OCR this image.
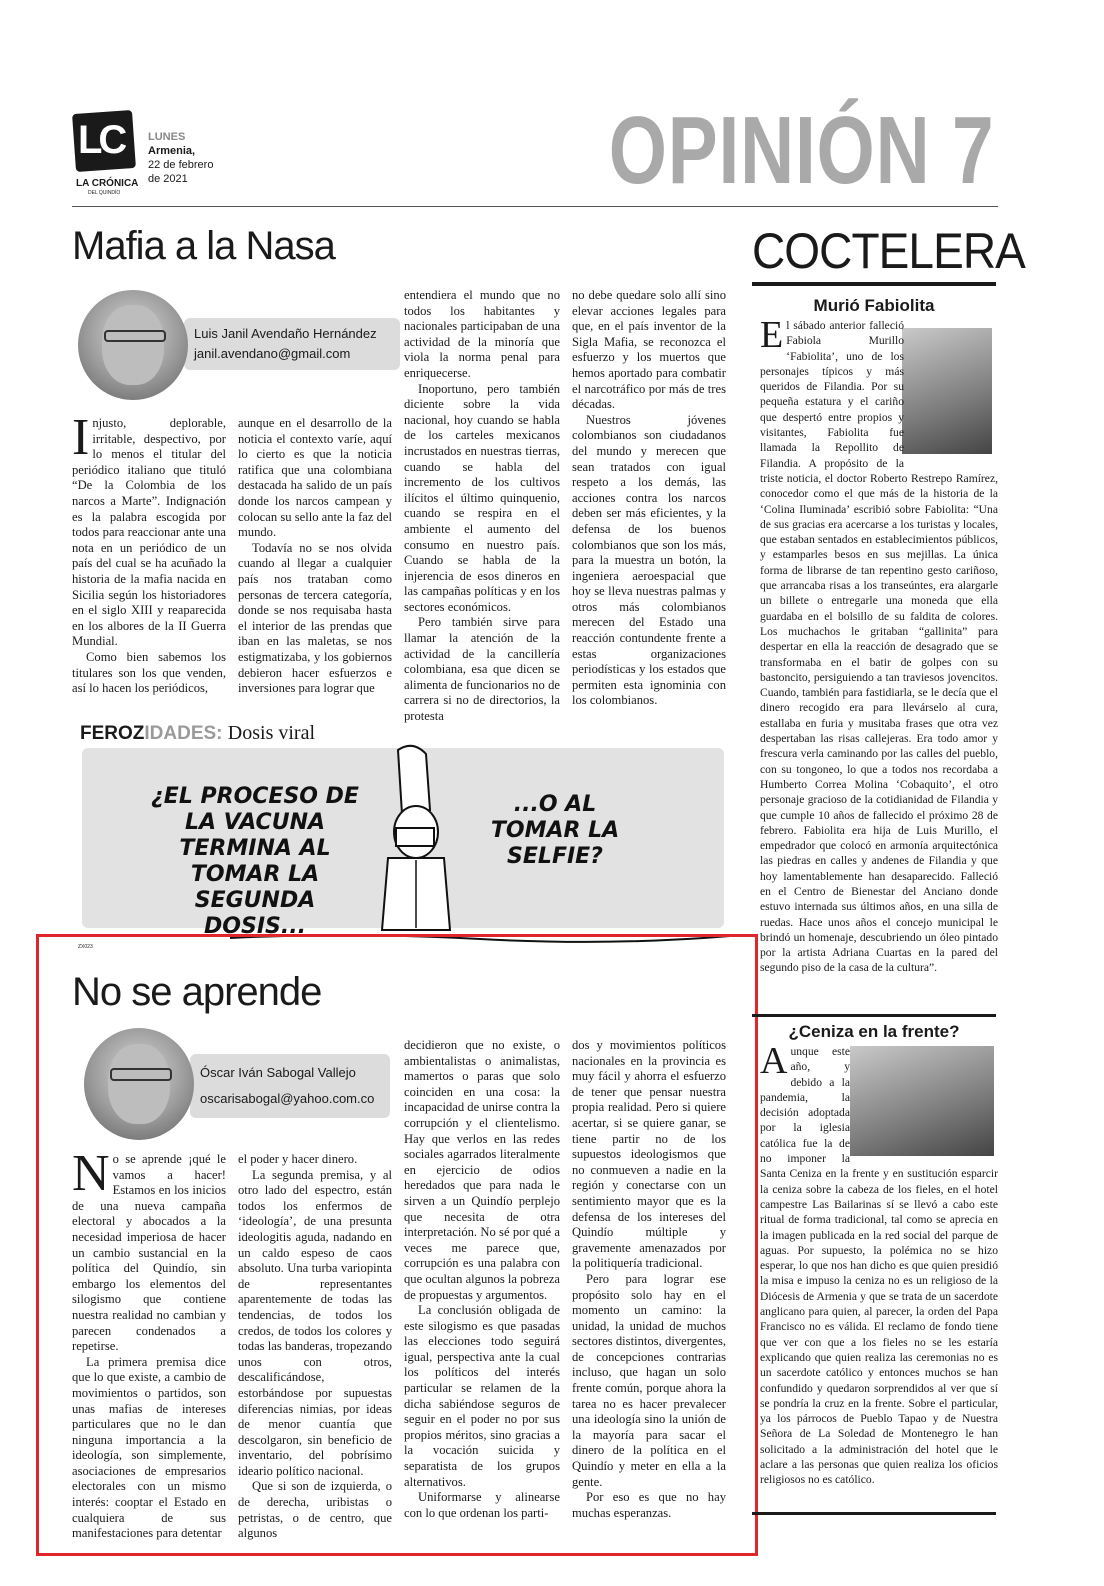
LC
LA CRÓNICA
DEL QUINDÍO
LUNES
Armenia,
22 de febrero
de 2021	OPINIÓN 7
Mafia a la Nasa
Luis Janil Avendaño Hernández
janil.avendano@gmail.com

Injusto, deplorable, irritable, despectivo, por lo menos el titular del periódico italiano que tituló “De la Colombia de los narcos a Marte”. Indignación es la palabra escogida por todos para reaccionar ante una nota en un periódico de un país del cual se ha acuñado la historia de la mafia nacida en Sicilia según los historiadores en el siglo XIII y reaparecida en los albores de la II Guerra Mundial.

Como bien sabemos los titulares son los que venden, así lo hacen los periódicos,

aunque en el desarrollo de la noticia el contexto varíe, aquí lo cierto es que la noticia ratifica que una colombiana destacada ha salido de un país donde los narcos campean y colocan su sello ante la faz del mundo.

Todavía no se nos olvida cuando al llegar a cualquier país nos trataban como personas de tercera categoría, donde se nos requisaba hasta el interior de las prendas que iban en las maletas, se nos estigmatizaba, y los gobiernos debieron hacer esfuerzos e inversiones para lograr que

entendiera el mundo que no todos los habitantes y nacionales participaban de una actividad de la minoría que viola la norma penal para enriquecerse.

Inoportuno, pero también diciente sobre la vida nacional, hoy cuando se habla de los carteles mexicanos incrustados en nuestras tierras, cuando se habla del incremento de los cultivos ilícitos el último quinquenio, cuando se respira en el ambiente el aumento del consumo en nuestro país. Cuando se habla de la injerencia de esos dineros en las campañas políticas y en los sectores económicos.

Pero también sirve para llamar la atención de la actividad de la cancillería colombiana, esa que dicen se alimenta de funcionarios no de carrera si no de directorios, la protesta

no debe quedare solo allí sino elevar acciones legales para que, en el país inventor de la Sigla Mafia, se reconozca el esfuerzo y los muertos que hemos aportado para combatir el narcotráfico por más de tres décadas.

Nuestros jóvenes colombianos son ciudadanos del mundo y merecen que sean tratados con igual respeto a los demás, las acciones contra los narcos deben ser más eficientes, y la defensa de los buenos colombianos que son los más, para la muestra un botón, la ingeniera aeroespacial que hoy se lleva nuestras palmas y otros más colombianos merecen del Estado una reacción contundente frente a estas organizaciones periodísticas y los estados que permiten esta ignominia con los colombianos.

FEROZIDADES: Dosis viral
¿EL PROCESO DE LA VACUNA TERMINA AL TOMAR LA SEGUNDA DOSIS...
...O AL TOMAR LA SELFIE?
ZX023
No se aprende
Óscar Iván Sabogal Vallejo
oscarisabogal@yahoo.com.co

No se aprende ¡qué le vamos a hacer! Estamos en los inicios de una nueva campaña electoral y abocados a la necesidad imperiosa de hacer un cambio sustancial en la política del Quindío, sin embargo los elementos del silogismo que contiene nuestra realidad no cambian y parecen condenados a repetirse.

La primera premisa dice que lo que existe, a cambio de movimientos o partidos, son unas mafias de intereses particulares que no le dan ninguna importancia a la ideología, son simplemente, asociaciones de empresarios electorales con un mismo interés: cooptar el Estado en cualquiera de sus manifestaciones para detentar

el poder y hacer dinero.

La segunda premisa, y al otro lado del espectro, están todos los enfermos de ‘ideología’, de una presunta ideologitis aguda, nadando en un caldo espeso de caos absoluto. Una turba variopinta de representantes aparentemente de todas las tendencias, de todos los credos, de todos los colores y todas las banderas, tropezando unos con otros, descalificándose, estorbándose por supuestas diferencias nimias, por ideas de menor cuantía que descolgaron, sin beneficio de inventario, del pobrísimo ideario político nacional.

Que si son de izquierda, o de derecha, uribistas o petristas, o de centro, que algunos

decidieron que no existe, o ambientalistas o animalistas, mamertos o paras que solo coinciden en una cosa: la incapacidad de unirse contra la corrupción y el clientelismo. Hay que verlos en las redes sociales agarrados literalmente en ejercicio de odios heredados que para nada le sirven a un Quindío perplejo que necesita de otra interpretación. No sé por qué a veces me parece que, corrupción es una palabra con que ocultan algunos la pobreza de propuestas y argumentos.

La conclusión obligada de este silogismo es que pasadas las elecciones todo seguirá igual, perspectiva ante la cual los políticos del interés particular se relamen de la dicha sabiéndose seguros de seguir en el poder no por sus propios méritos, sino gracias a la vocación suicida y separatista de los grupos alternativos.

Uniformarse y alinearse con lo que ordenan los parti-

dos y movimientos políticos nacionales en la provincia es muy fácil y ahorra el esfuerzo de tener que pensar nuestra propia realidad. Pero si quiere acertar, si se quiere ganar, se tiene partir no de los supuestos ideologismos que no conmueven a nadie en la región y conectarse con un sentimiento mayor que es la defensa de los intereses del Quindío múltiple y gravemente amenazados por la politiquería tradicional.

Pero para lograr ese propósito solo hay en el momento un camino: la unidad, la unidad de muchos sectores distintos, divergentes, de concepciones contrarias incluso, que hagan un solo frente común, porque ahora la tarea no es hacer prevalecer una ideología sino la unión de la mayoría para sacar el dinero de la política en el Quindío y meter en ella a la gente.

Por eso es que no hay muchas esperanzas.

COCTELERA
Murió Fabiolita

El sábado anterior falleció Fabiola Murillo ‘Fabiolita’, uno de los personajes típicos y más queridos de Filandia. Por su pequeña estatura y el cariño que despertó entre propios y visitantes, Fabiolita fue llamada la Repollito de Filandia. A propósito de la triste noticia, el doctor Roberto Restrepo Ramírez, conocedor como el que más de la historia de la ‘Colina Iluminada’ escribió sobre Fabiolita: “Una de sus gracias era acercarse a los turistas y locales, que estaban sentados en establecimientos públicos, y estamparles besos en sus mejillas. La única forma de librarse de tan repentino gesto cariñoso, que arrancaba risas a los transeúntes, era alargarle un billete o entregarle una moneda que ella guardaba en el bolsillo de su faldita de colores. Los muchachos le gritaban “gallinita” para despertar en ella la reacción de desagrado que se transformaba en el batir de golpes con su bastoncito, persiguiendo a tan traviesos jovencitos. Cuando, también para fastidiarla, se le decía que el dinero recogido era para llevárselo al cura, estallaba en furia y musitaba frases que otra vez despertaban las risas callejeras. Era todo amor y frescura verla caminando por las calles del pueblo, con su tongoneo, lo que a todos nos recordaba a Humberto Correa Molina ‘Cobaquito’, el otro personaje gracioso de la cotidianidad de Filandia y que cumple 10 años de fallecido el próximo 28 de febrero. Fabiolita era hija de Luis Murillo, el empedrador que colocó en armonía arquitectónica las piedras en calles y andenes de Filandia y que hoy lamentablemente han desaparecido. Falleció en el Centro de Bienestar del Anciano donde estuvo internada sus últimos años, en una silla de ruedas. Hace unos años el concejo municipal le brindó un homenaje, descubriendo un óleo pintado por la artista Adriana Cuartas en la pared del segundo piso de la casa de la cultura”.

¿Ceniza en la frente?

Aunque este año, y debido a la pandemia, la decisión adoptada por la iglesia católica fue la de no imponer la Santa Ceniza en la frente y en sustitución esparcir la ceniza sobre la cabeza de los fieles, en el hotel campestre Las Bailarinas sí se llevó a cabo este ritual de forma tradicional, tal como se aprecia en la imagen publicada en la red social del parque de aguas. Por supuesto, la polémica no se hizo esperar, lo que nos han dicho es que quien presidió la misa e impuso la ceniza no es un religioso de la Diócesis de Armenia y que se trata de un sacerdote anglicano para quien, al parecer, la orden del Papa Francisco no es válida. El reclamo de fondo tiene que ver con que a los fieles no se les estaría explicando que quien realiza las ceremonias no es un sacerdote católico y entonces muchos se han confundido y quedaron sorprendidos al ver que sí se pondría la cruz en la frente. Sobre el particular, ya los párrocos de Pueblo Tapao y de Nuestra Señora de La Soledad de Montenegro le han solicitado a la administración del hotel que le aclare a las personas que quien realiza los oficios religiosos no es católico.
